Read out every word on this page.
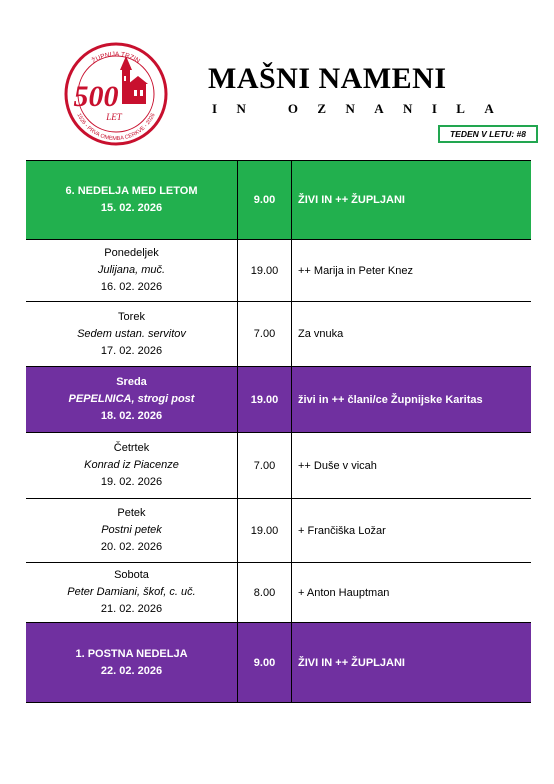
ŽUPNIJA TRZIN
1526 - PRVA OMEMBA CERKVE - 2026
500
LET
MAŠNI NAMENI
IN OZNANILA
TEDEN V LETU: #8
6. NEDELJA MED LETOM
15. 02. 2026	9.00	ŽIVI IN ++ ŽUPLJANI

Ponedeljek
Julijana, muč.
16. 02. 2026	19.00	++ Marija in Peter Knez

Torek
Sedem ustan. servitov
17. 02. 2026	7.00	Za vnuka

Sreda
PEPELNICA, strogi post
18. 02. 2026	19.00	živi in ++ člani/ce Župnijske Karitas

Četrtek
Konrad iz Piacenze
19. 02. 2026	7.00	++ Duše v vicah

Petek
Postni petek
20. 02. 2026	19.00	+ Frančiška Ložar

Sobota
Peter Damiani, škof, c. uč.
21. 02. 2026	8.00	+ Anton Hauptman

1. POSTNA NEDELJA
22. 02. 2026	9.00	ŽIVI IN ++ ŽUPLJANI
